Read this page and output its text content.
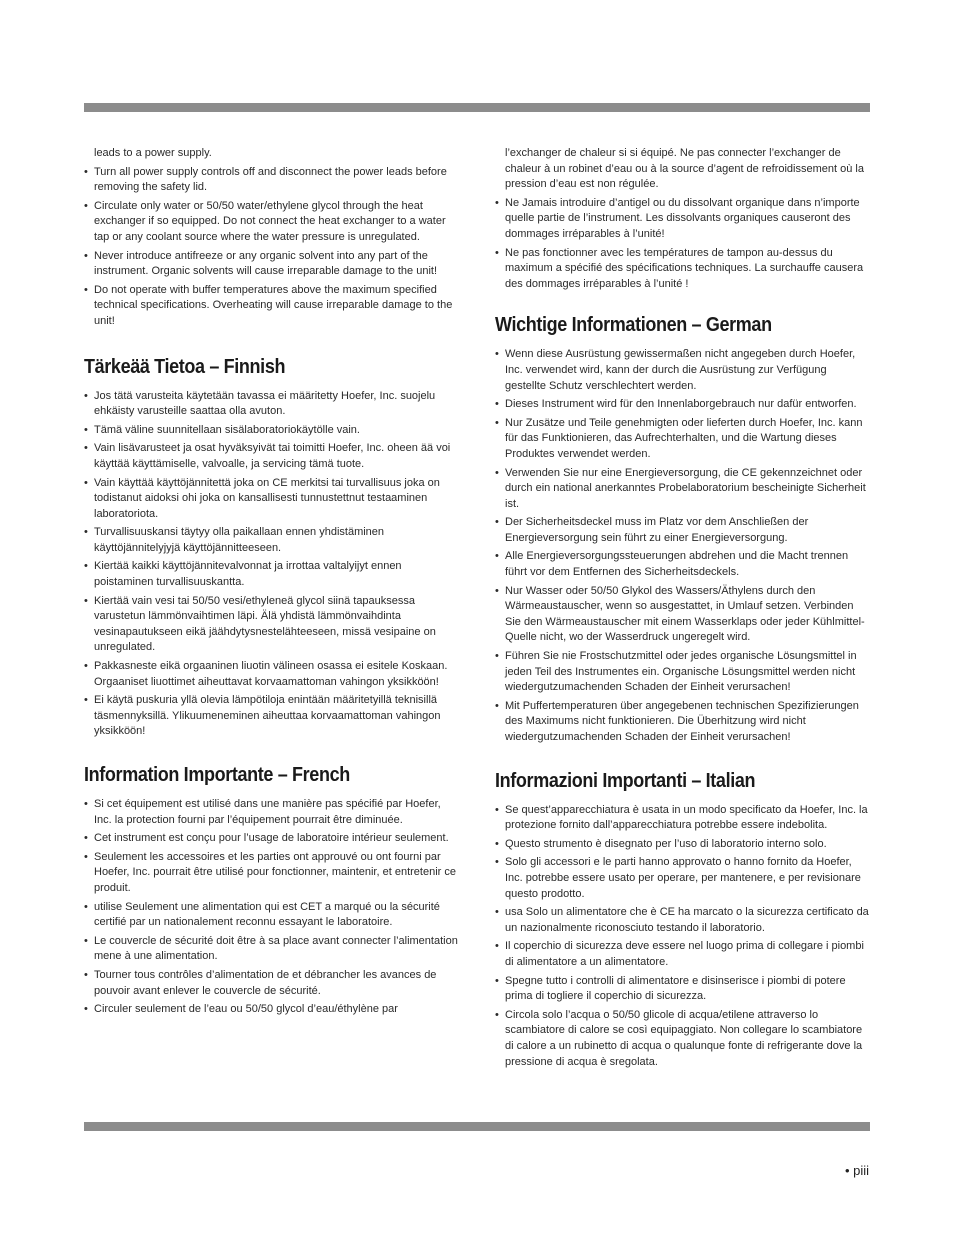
leads to a power supply.
• Turn all power supply controls off and disconnect the power leads before removing the safety lid.
• Circulate only water or 50/50 water/ethylene glycol through the heat exchanger if so equipped. Do not connect the heat exchanger to a water tap or any coolant source where the water pressure is unregulated.
• Never introduce antifreeze or any organic solvent into any part of the instrument. Organic solvents will cause irreparable damage to the unit!
• Do not operate with buffer temperatures above the maximum specified technical specifications. Overheating will cause irreparable damage to the unit!
Tärkeää Tietoa – Finnish
• Jos tätä varusteita käytetään tavassa ei määritetty Hoefer, Inc. suojelu ehkäisty varusteille saattaa olla avuton.
• Tämä väline suunnitellaan sisälaboratoriokäytölle vain.
• Vain lisävarusteet ja osat hyväksyivät tai toimitti Hoefer, Inc. oheen ää voi käyttää käyttämiselle, valvoalle, ja servicing tämä tuote.
• Vain käyttää käyttöjännitettä joka on CE merkitsi tai turvallisuus joka on todistanut aidoksi ohi joka on kansallisesti tunnustettnut testaaminen laboratoriota.
• Turvallisuuskansi täytyy olla paikallaan ennen yhdistäminen käyttöjännitelyjyjä käyttöjännitteeseen.
• Kiertää kaikki käyttöjännitevalvonnat ja irrottaa valtalyijyt ennen poistaminen turvallisuuskantta.
• Kiertää vain vesi tai 50/50 vesi/ethyleneä glycol siinä tapauksessa varustetun lämmönvaihtimen läpi. Älä yhdistä lämmönvaihdinta vesinapautukseen eikä jäähdytysnesteläh​teeseen, missä vesipaine on unregulated.
• Pakkasneste eikä orgaaninen liuotin välineen osassa ei esitele Koskaan. Orgaaniset liuottimet aiheuttavat korvaamattoman vahingon yksikköön!
• Ei käytä puskuria yllä olevia lämpötiloja enintään määritetyillä teknisillä täsmennyksillä. Ylikuumeneminen aiheuttaa korvaamattoman vahingon yksikköön!
Information Importante – French
• Si cet équipement est utilisé dans une manière pas spécifié par Hoefer, Inc. la protection fourni par l’équipement pourrait être diminuée.
• Cet instrument est conçu pour l’usage de laboratoire intérieur seulement.
• Seulement les accessoires et les parties ont approuvé ou ont fourni par Hoefer, Inc. pourrait être utilisé pour fonctionner, maintenir, et entretenir ce produit.
• utilise Seulement une alimentation qui est CET a marqué ou la sécurité certifié par un nationalement reconnu essayant le laboratoire.
• Le couvercle de sécurité doit être à sa place avant connecter l’alimentation mene à une alimentation.
• Tourner tous contrôles d’alimentation de et débrancher les avances de pouvoir avant enlever le couvercle de sécurité.
• Circuler seulement de l’eau ou 50/50 glycol d’eau/éthylène par
l’exchanger de chaleur si si équipé. Ne pas connecter l’exchanger de chaleur à un robinet d’eau ou à la source d’agent de refroidissement où la pression d’eau est non régulée.
• Ne Jamais introduire d’antigel ou du dissolvant organique dans n’importe quelle partie de l’instrument. Les dissolvants organiques causeront des dommages irréparables à l’unité!
• Ne pas fonctionner avec les températures de tampon au-dessus du maximum a spécifié des spécifications techniques. La surchauffe causera des dommages irréparables à l’unité !
Wichtige Informationen – German
• Wenn diese Ausrüstung gewissermaßen nicht angegeben durch Hoefer, Inc. verwendet wird, kann der durch die Ausrüstung zur Verfügung gestellte Schutz verschlechtert werden.
• Dieses Instrument wird für den Innenlaborgebrauch nur dafür entworfen.
• Nur Zusätze und Teile genehmigten oder lieferten durch Hoefer, Inc. kann für das Funktionieren, das Aufrechterhalten, und die Wartung dieses Produktes verwendet werden.
• Verwenden Sie nur eine Energieversorgung, die CE gekennzeichnet oder durch ein national anerkanntes Probelaboratorium bescheinigte Sicherheit ist.
• Der Sicherheitsdeckel muss im Platz vor dem Anschließen der Energieversorgung sein führt zu einer Energieversorgung.
• Alle Energieversorgungssteuerungen abdrehen und die Macht trennen führt vor dem Entfernen des Sicherheitsdeckels.
• Nur Wasser oder 50/50 Glykol des Wassers/Äthylens durch den Wärmeaustauscher, wenn so ausgestattet, in Umlauf setzen. Verbinden Sie den Wärmeaustauscher mit einem Wasserklaps oder jeder Kühlmittel-Quelle nicht, wo der Wasserdruck ungeregelt wird.
• Führen Sie nie Frostschutzmittel oder jedes organische Lösungsmittel in jeden Teil des Instrumentes ein. Organische Lösungsmittel werden nicht wiedergutzumachenden Schaden der Einheit verursachen!
• Mit Puffertemperaturen über angegebenen technischen Spezifizierungen des Maximums nicht funktionieren. Die Überhitzung wird nicht wiedergutzumachenden Schaden der Einheit verursachen!
Informazioni Importanti – Italian
• Se quest’apparecchiatura è usata in un modo specificato da Hoefer, Inc. la protezione fornito dall’apparecchiatura potrebbe essere indebolita.
• Questo strumento è disegnato per l’uso di laboratorio interno solo.
• Solo gli accessori e le parti hanno approvato o hanno fornito da Hoefer, Inc. potrebbe essere usato per operare, per mantenere, e per revisionare questo prodotto.
• usa Solo un alimentatore che è CE ha marcato o la sicurezza certificato da un nazionalmente riconosciuto testando il laboratorio.
• Il coperchio di sicurezza deve essere nel luogo prima di collegare i piombi di alimentatore a un alimentatore.
• Spegne tutto i controlli di alimentatore e disinserisce i piombi di potere prima di togliere il coperchio di sicurezza.
• Circola solo l’acqua o 50/50 glicole di acqua/etilene attraverso lo scambiatore di calore se così equipaggiato. Non collegare lo scambiatore di calore a un rubinetto di acqua o qualunque fonte di refrigerante dove la pressione di acqua è sregolata.
• piii
